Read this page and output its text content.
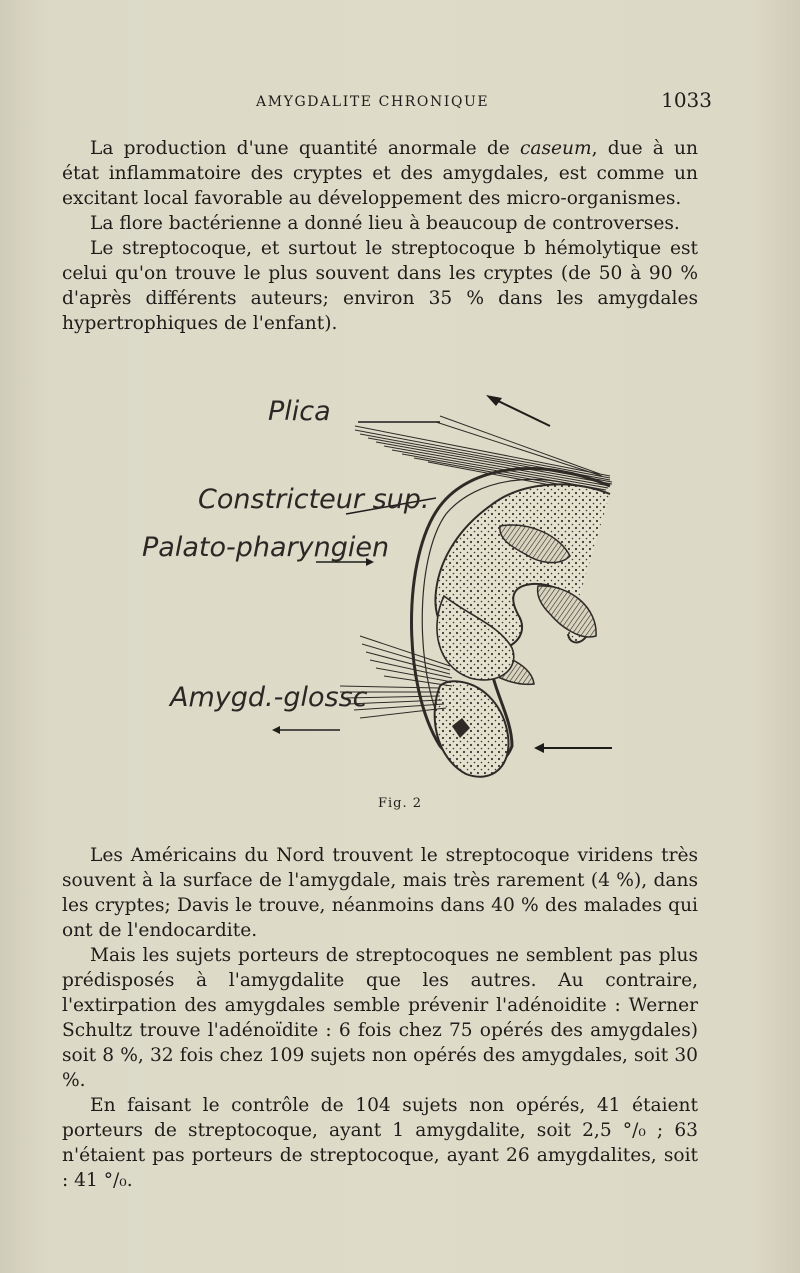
AMYGDALITE CHRONIQUE	1033

La production d'une quantité anormale de caseum, due à un état inflammatoire des cryptes et des amygdales, est comme un excitant local favorable au développement des micro-organismes.

La flore bactérienne a donné lieu à beaucoup de controverses.

Le streptocoque, et surtout le streptocoque b hémolytique est celui qu'on trouve le plus souvent dans les cryptes (de 50 à 90 % d'après différents auteurs; environ 35 % dans les amygdales hypertrophiques de l'enfant).

Plica
Constricteur sup.
Palato-pharyngien
Amygd.-glossc
Fig. 2

Les Américains du Nord trouvent le streptocoque viridens très souvent à la surface de l'amygdale, mais très rarement (4 %), dans les cryptes; Davis le trouve, néanmoins dans 40 % des malades qui ont de l'endocardite.

Mais les sujets porteurs de streptocoques ne semblent pas plus prédisposés à l'amygdalite que les autres. Au contraire, l'extirpation des amygdales semble prévenir l'adénoidite : Werner Schultz trouve l'adénoïdite : 6 fois chez 75 opérés des amygdales) soit 8 %, 32 fois chez 109 sujets non opérés des amygdales, soit 30 %.

En faisant le contrôle de 104 sujets non opérés, 41 étaient porteurs de streptocoque, ayant 1 amygdalite, soit 2,5 °/₀ ; 63 n'étaient pas porteurs de streptocoque, ayant 26 amygdalites, soit : 41 °/₀.
